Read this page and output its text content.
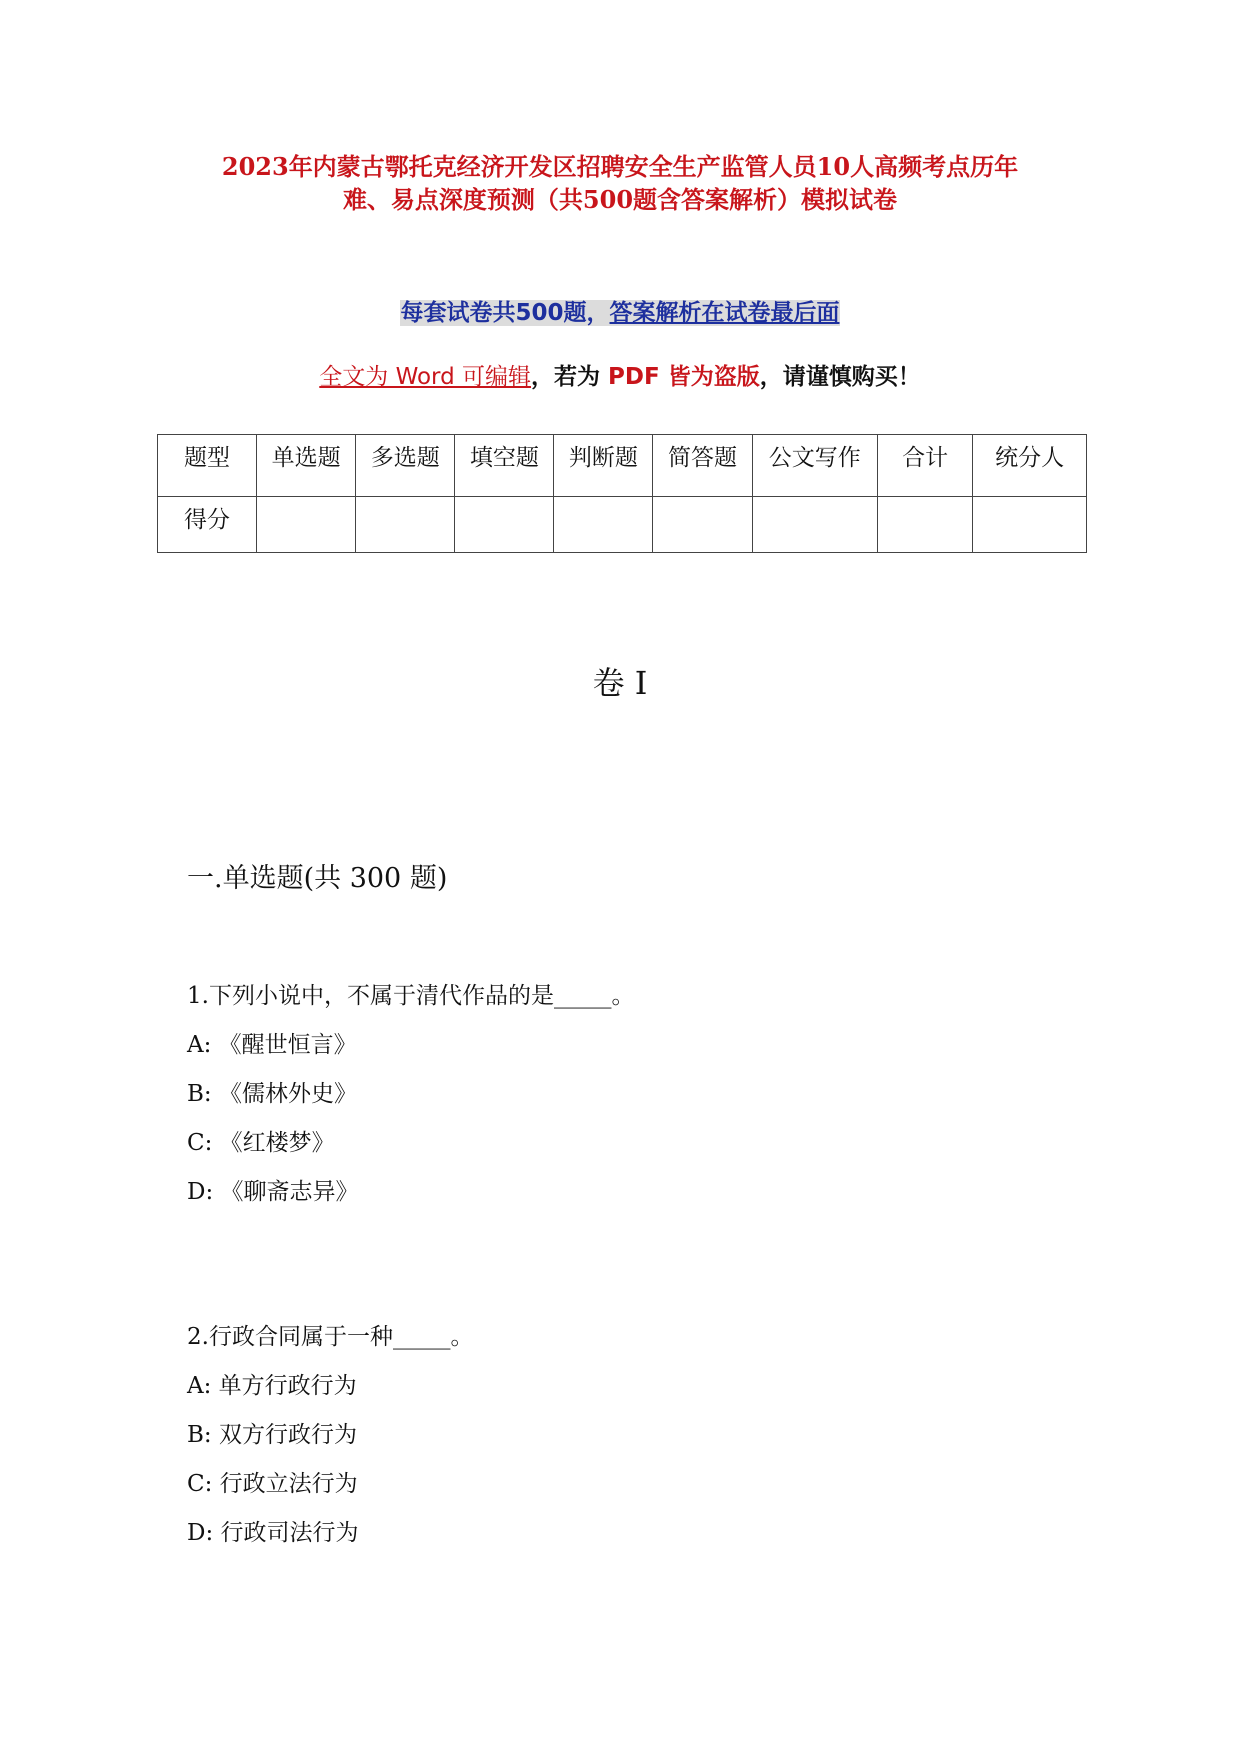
2023年内蒙古鄂托克经济开发区招聘安全生产监管人员10人高频考点历年
难、易点深度预测（共500题含答案解析）模拟试卷
每套试卷共500题，答案解析在试卷最后面
全文为 Word 可编辑，若为 PDF 皆为盗版，请谨慎购买！
题型	单选题	多选题	填空题	判断题	简答题	公文写作	合计	统分人
得分								
卷 I
一.单选题(共 300 题)
1.下列小说中，不属于清代作品的是_____。
A: 《醒世恒言》
B: 《儒林外史》
C: 《红楼梦》
D: 《聊斋志异》
2.行政合同属于一种_____。
A: 单方行政行为
B: 双方行政行为
C: 行政立法行为
D: 行政司法行为
